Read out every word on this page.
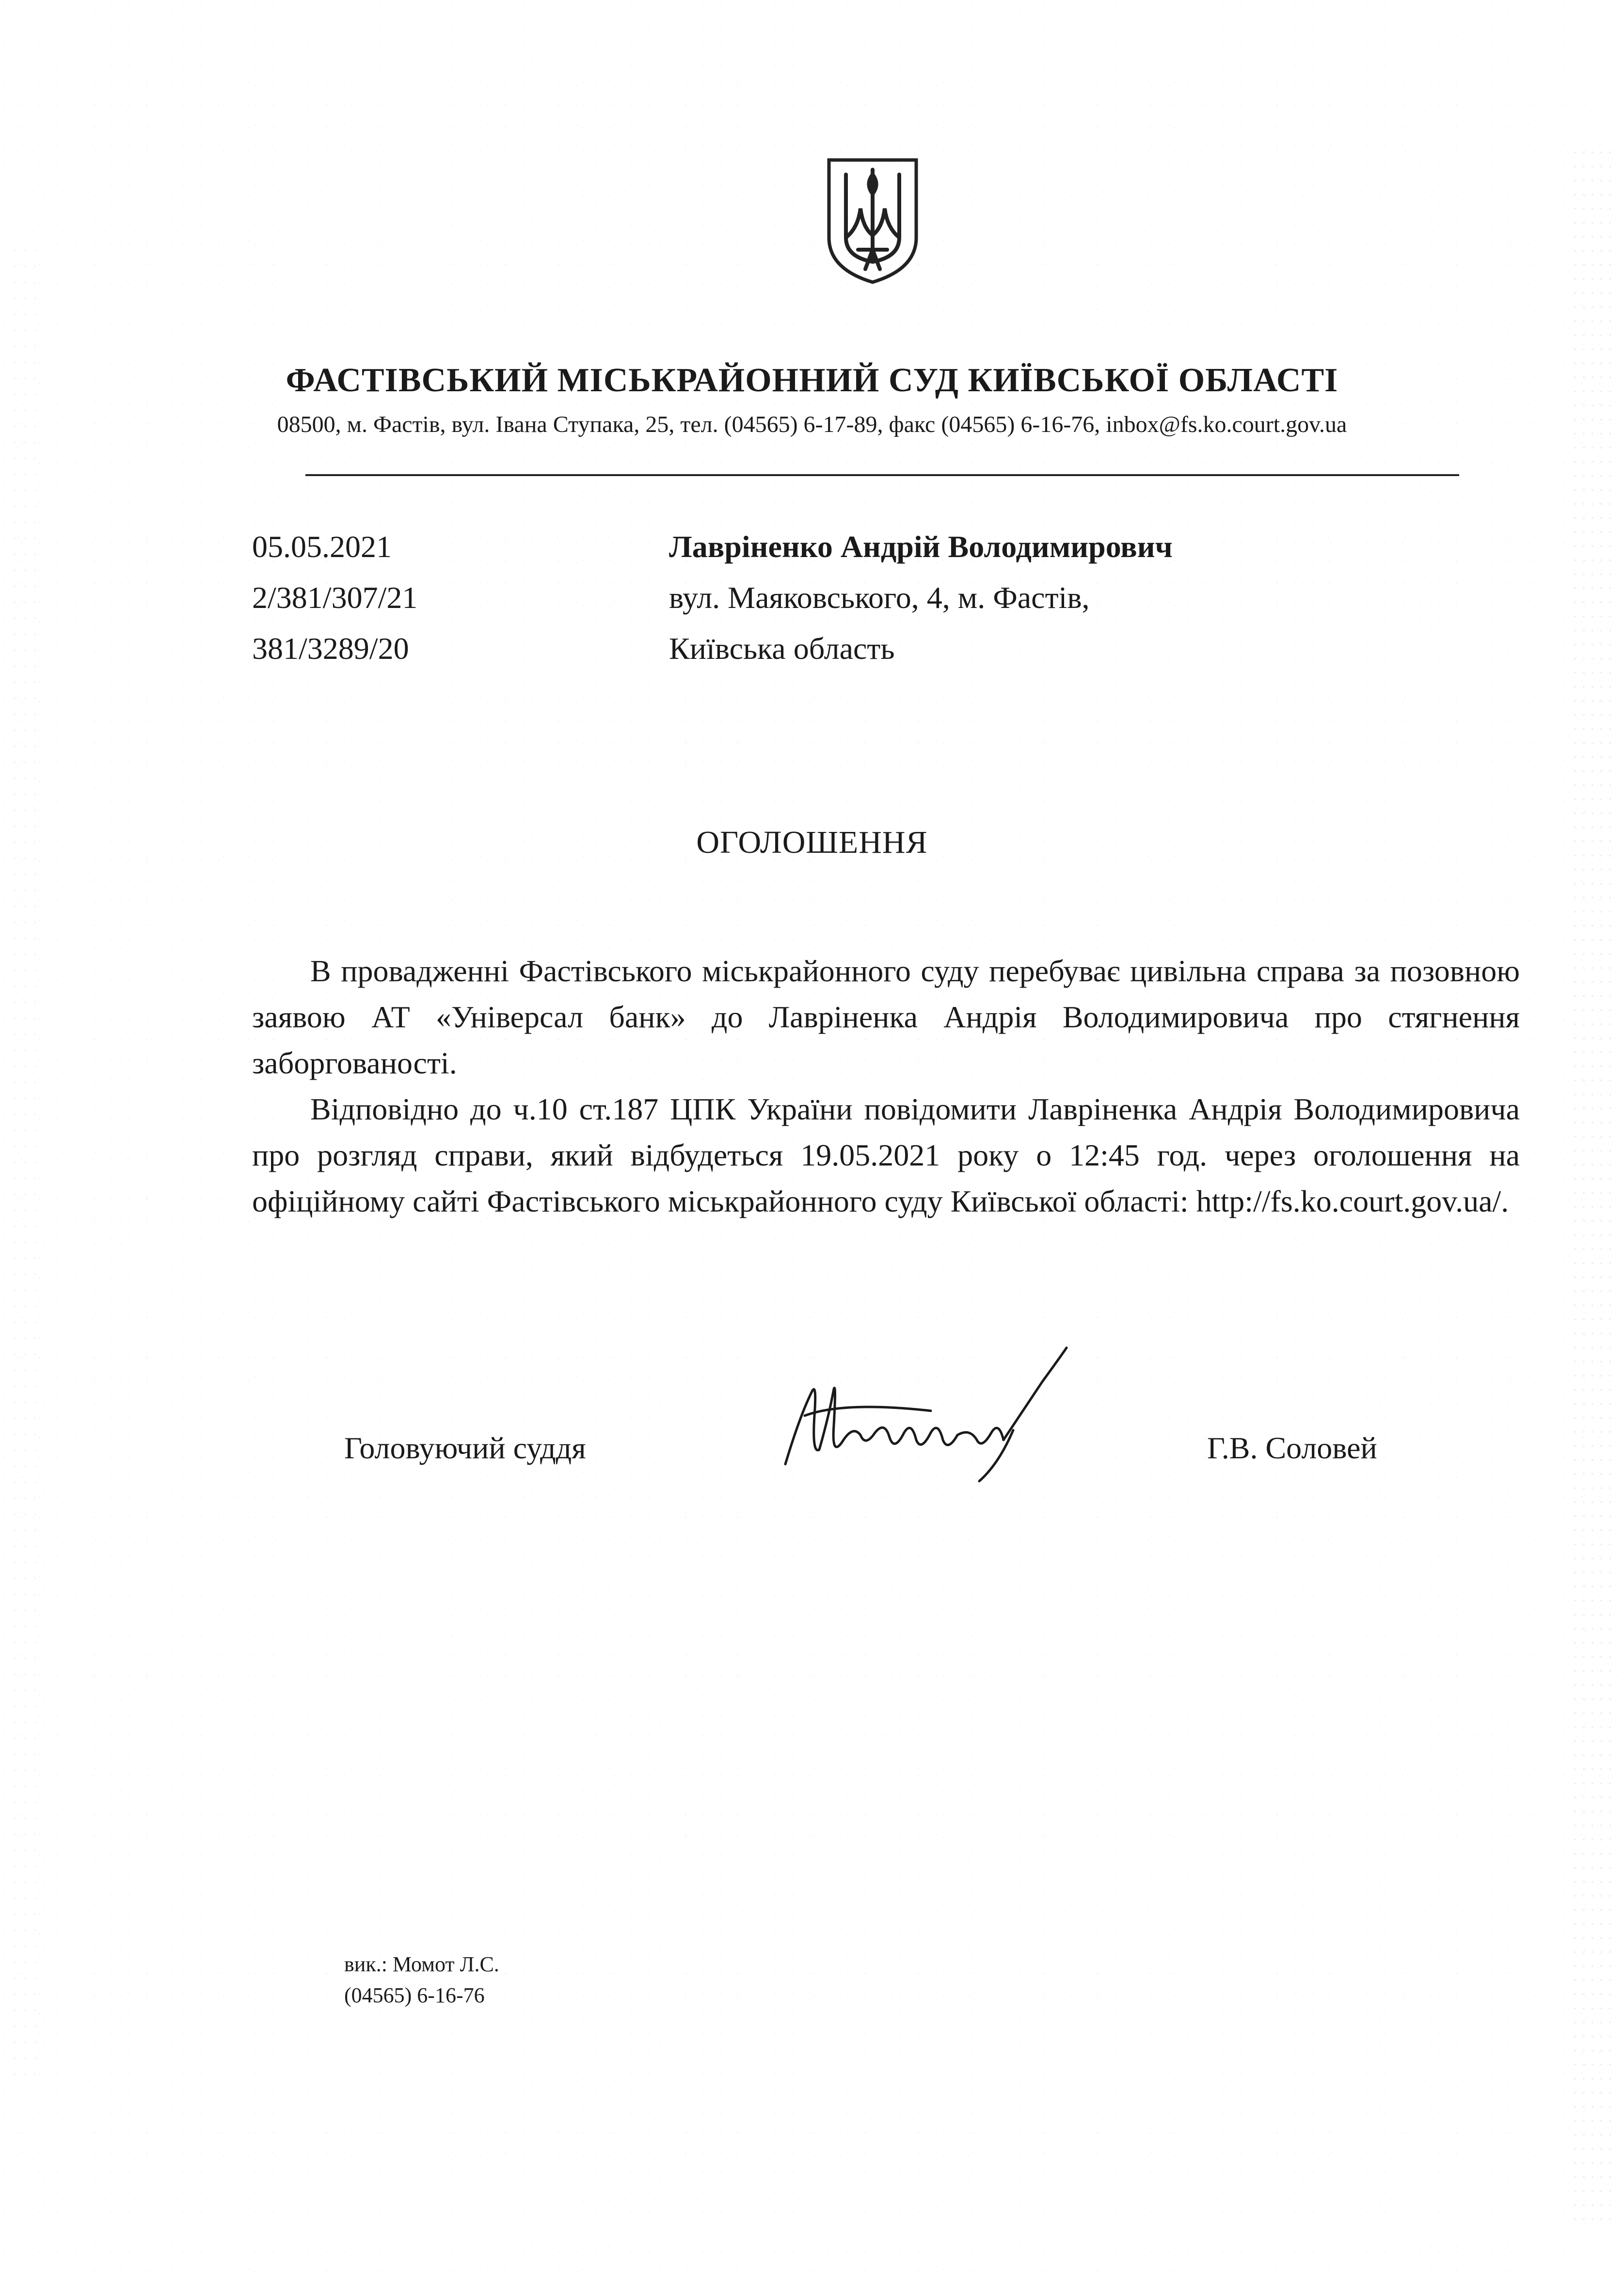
ФАСТІВСЬКИЙ МІСЬКРАЙОННИЙ СУД КИЇВСЬКОЇ ОБЛАСТІ
08500, м. Фастів, вул. Івана Ступака, 25, тел. (04565) 6-17-89, факс (04565) 6-16-76, inbox@fs.ko.court.gov.ua
05.05.2021
2/381/307/21
381/3289/20
Лавріненко Андрій Володимирович
вул. Маяковського, 4, м. Фастів,
Київська область
ОГОЛОШЕННЯ

В провадженні Фастівського міськрайонного суду перебуває цивільна справа за позовною заявою АТ «Універсал банк» до Лавріненка Андрія Володимировича про стягнення заборгованості.

Відповідно до ч.10 ст.187 ЦПК України повідомити Лавріненка Андрія Володимировича про розгляд справи, який відбудеться 19.05.2021 року о 12:45 год. через оголошення на офіційному сайті Фастівського міськрайонного суду Київської області: http://fs.ko.court.gov.ua/.

Головуючий суддя	Г.В. Соловей
вик.: Момот Л.С.
(04565) 6-16-76
